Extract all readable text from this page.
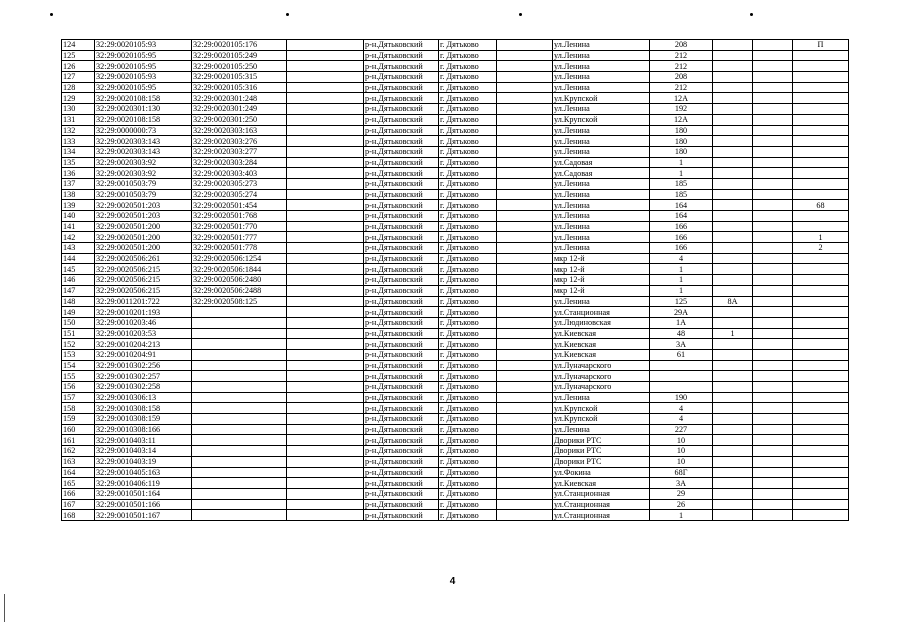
124	32:29:0020105:93	32:29:0020105:176		р-н.Дятьковский	г. Дятьково		ул.Ленина	208			П
125	32:29:0020105:95	32:29:0020105:249		р-н.Дятьковский	г. Дятьково		ул.Ленина	212			
126	32:29:0020105:95	32:29:0020105:250		р-н.Дятьковский	г. Дятьково		ул.Ленина	212			
127	32:29:0020105:93	32:29:0020105:315		р-н.Дятьковский	г. Дятьково		ул.Ленина	208			
128	32:29:0020105:95	32:29:0020105:316		р-н.Дятьковский	г. Дятьково		ул.Ленина	212			
129	32:29:0020108:158	32:29:0020301:248		р-н.Дятьковский	г. Дятьково		ул.Крупской	12А			
130	32:29:0020301:130	32:29:0020301:249		р-н.Дятьковский	г. Дятьково		ул.Ленина	192			
131	32:29:0020108:158	32:29:0020301:250		р-н.Дятьковский	г. Дятьково		ул.Крупской	12А			
132	32:29:0000000:73	32:29:0020303:163		р-н.Дятьковский	г. Дятьково		ул.Ленина	180			
133	32:29:0020303:143	32:29:0020303:276		р-н.Дятьковский	г. Дятьково		ул.Ленина	180			
134	32:29:0020303:143	32:29:0020303:277		р-н.Дятьковский	г. Дятьково		ул.Ленина	180			
135	32:29:0020303:92	32:29:0020303:284		р-н.Дятьковский	г. Дятьково		ул.Садовая	1			
136	32:29:0020303:92	32:29:0020303:403		р-н.Дятьковский	г. Дятьково		ул.Садовая	1			
137	32:29:0010503:79	32:29:0020305:273		р-н.Дятьковский	г. Дятьково		ул.Ленина	185			
138	32:29:0010503:79	32:29:0020305:274		р-н.Дятьковский	г. Дятьково		ул.Ленина	185			
139	32:29:0020501:203	32:29:0020501:454		р-н.Дятьковский	г. Дятьково		ул.Ленина	164			68
140	32:29:0020501:203	32:29:0020501:768		р-н.Дятьковский	г. Дятьково		ул.Ленина	164			
141	32:29:0020501:200	32:29:0020501:770		р-н.Дятьковский	г. Дятьково		ул.Ленина	166			
142	32:29:0020501:200	32:29:0020501:777		р-н.Дятьковский	г. Дятьково		ул.Ленина	166			1
143	32:29:0020501:200	32:29:0020501:778		р-н.Дятьковский	г. Дятьково		ул.Ленина	166			2
144	32:29:0020506:261	32:29:0020506:1254		р-н.Дятьковский	г. Дятьково		мкр 12-й	4			
145	32:29:0020506:215	32:29:0020506:1844		р-н.Дятьковский	г. Дятьково		мкр 12-й	1			
146	32:29:0020506:215	32:29:0020506:2480		р-н.Дятьковский	г. Дятьково		мкр 12-й	1			
147	32:29:0020506:215	32:29:0020506:2488		р-н.Дятьковский	г. Дятьково		мкр 12-й	1			
148	32:29:0011201:722	32:29:0020508:125		р-н.Дятьковский	г. Дятьково		ул.Ленина	125	8А		
149	32:29:0010201:193			р-н.Дятьковский	г. Дятьково		ул.Станционная	29А			
150	32:29:0010203:46			р-н.Дятьковский	г. Дятьково		ул.Людиновская	1А			
151	32:29:0010203:53			р-н.Дятьковский	г. Дятьково		ул.Киевская	48	1		
152	32:29:0010204:213			р-н.Дятьковский	г. Дятьково		ул.Киевская	3А			
153	32:29:0010204:91			р-н.Дятьковский	г. Дятьково		ул.Киевская	61			
154	32:29:0010302:256			р-н.Дятьковский	г. Дятьково		ул.Луначарского				
155	32:29:0010302:257			р-н.Дятьковский	г. Дятьково		ул.Луначарского				
156	32:29:0010302:258			р-н.Дятьковский	г. Дятьково		ул.Луначарского				
157	32:29:0010306:13			р-н.Дятьковский	г. Дятьково		ул.Ленина	190			
158	32:29:0010308:158			р-н.Дятьковский	г. Дятьково		ул.Крупской	4			
159	32:29:0010308:159			р-н.Дятьковский	г. Дятьково		ул.Крупской	4			
160	32:29:0010308:166			р-н.Дятьковский	г. Дятьково		ул.Ленина	227			
161	32:29:0010403:11			р-н.Дятьковский	г. Дятьково		Дворики РТС	10			
162	32:29:0010403:14			р-н.Дятьковский	г. Дятьково		Дворики РТС	10			
163	32:29:0010403:19			р-н.Дятьковский	г. Дятьково		Дворики РТС	10			
164	32:29:0010405:163			р-н.Дятьковский	г. Дятьково		ул.Фокина	68Г			
165	32:29:0010406:119			р-н.Дятьковский	г. Дятьково		ул.Киевская	3А			
166	32:29:0010501:164			р-н.Дятьковский	г. Дятьково		ул.Станционная	29			
167	32:29:0010501:166			р-н.Дятьковский	г. Дятьково		ул.Станционная	26			
168	32:29:0010501:167			р-н.Дятьковский	г. Дятьково		ул.Станционная	1			
4
